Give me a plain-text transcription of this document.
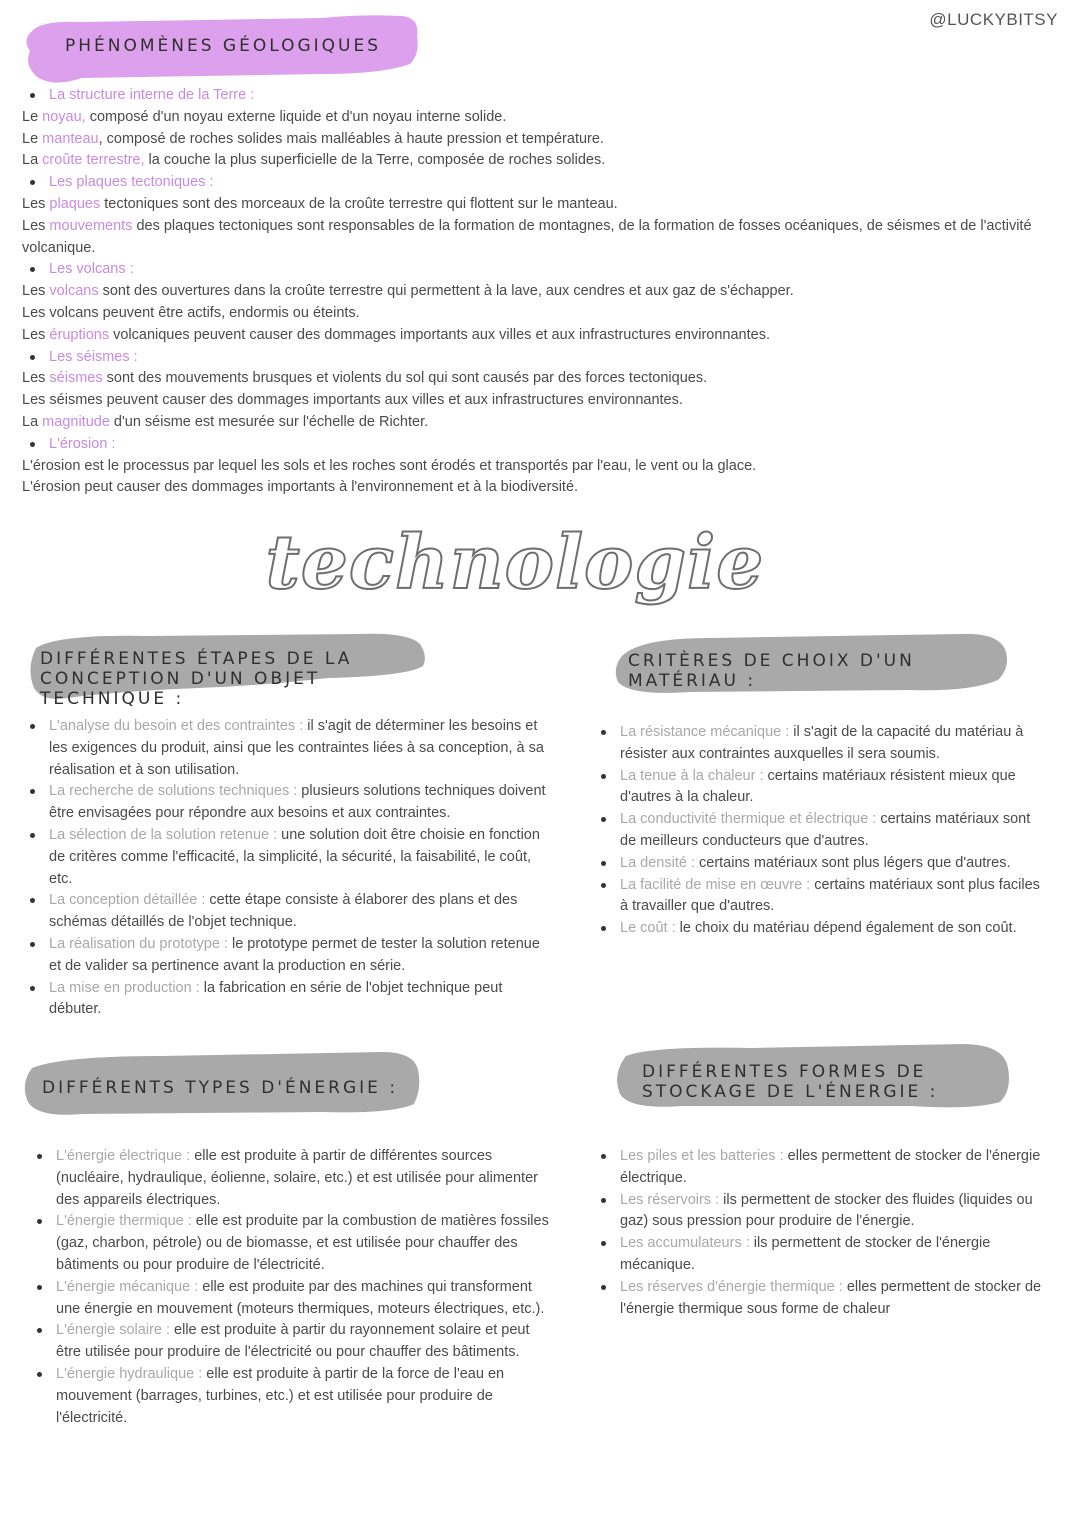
@LUCKYBITSY
PHÉNOMÈNES GÉOLOGIQUES

La structure interne de la Terre :

Le noyau, composé d'un noyau externe liquide et d'un noyau interne solide.

Le manteau, composé de roches solides mais malléables à haute pression et température.

La croûte terrestre, la couche la plus superficielle de la Terre, composée de roches solides.

Les plaques tectoniques :

Les plaques tectoniques sont des morceaux de la croûte terrestre qui flottent sur le manteau.

Les mouvements des plaques tectoniques sont responsables de la formation de montagnes, de la formation de fosses océaniques, de séismes et de l'activité volcanique.

Les volcans :

Les volcans sont des ouvertures dans la croûte terrestre qui permettent à la lave, aux cendres et aux gaz de s'échapper.

Les volcans peuvent être actifs, endormis ou éteints.

Les éruptions volcaniques peuvent causer des dommages importants aux villes et aux infrastructures environnantes.

Les séismes :

Les séismes sont des mouvements brusques et violents du sol qui sont causés par des forces tectoniques.

Les séismes peuvent causer des dommages importants aux villes et aux infrastructures environnantes.

La magnitude d'un séisme est mesurée sur l'échelle de Richter.

L'érosion :

L'érosion est le processus par lequel les sols et les roches sont érodés et transportés par l'eau, le vent ou la glace.

L'érosion peut causer des dommages importants à l'environnement et à la biodiversité.

technologie
DIFFÉRENTES ÉTAPES DE LA
CONCEPTION D'UN OBJET
TECHNIQUE :
CRITÈRES DE CHOIX D'UN
MATÉRIAU :
DIFFÉRENTS TYPES D'ÉNERGIE :
DIFFÉRENTES FORMES DE
STOCKAGE DE L'ÉNERGIE :
L'analyse du besoin et des contraintes : il s'agit de déterminer les besoins et les exigences du produit, ainsi que les contraintes liées à sa conception, à sa réalisation et à son utilisation.
La recherche de solutions techniques : plusieurs solutions techniques doivent être envisagées pour répondre aux besoins et aux contraintes.
La sélection de la solution retenue : une solution doit être choisie en fonction de critères comme l'efficacité, la simplicité, la sécurité, la faisabilité, le coût, etc.
La conception détaillée : cette étape consiste à élaborer des plans et des schémas détaillés de l'objet technique.
La réalisation du prototype : le prototype permet de tester la solution retenue et de valider sa pertinence avant la production en série.
La mise en production : la fabrication en série de l'objet technique peut débuter.
La résistance mécanique : il s'agit de la capacité du matériau à résister aux contraintes auxquelles il sera soumis.
La tenue à la chaleur : certains matériaux résistent mieux que d'autres à la chaleur.
La conductivité thermique et électrique : certains matériaux sont de meilleurs conducteurs que d'autres.
La densité : certains matériaux sont plus légers que d'autres.
La facilité de mise en œuvre : certains matériaux sont plus faciles à travailler que d'autres.
Le coût : le choix du matériau dépend également de son coût.
L'énergie électrique : elle est produite à partir de différentes sources (nucléaire, hydraulique, éolienne, solaire, etc.) et est utilisée pour alimenter des appareils électriques.
L'énergie thermique : elle est produite par la combustion de matières fossiles (gaz, charbon, pétrole) ou de biomasse, et est utilisée pour chauffer des bâtiments ou pour produire de l'électricité.
L'énergie mécanique : elle est produite par des machines qui transforment une énergie en mouvement (moteurs thermiques, moteurs électriques, etc.).
L'énergie solaire : elle est produite à partir du rayonnement solaire et peut être utilisée pour produire de l'électricité ou pour chauffer des bâtiments.
L'énergie hydraulique : elle est produite à partir de la force de l'eau en mouvement (barrages, turbines, etc.) et est utilisée pour produire de l'électricité.
Les piles et les batteries : elles permettent de stocker de l'énergie électrique.
Les réservoirs : ils permettent de stocker des fluides (liquides ou gaz) sous pression pour produire de l'énergie.
Les accumulateurs : ils permettent de stocker de l'énergie mécanique.
Les réserves d'énergie thermique : elles permettent de stocker de l'énergie thermique sous forme de chaleur
